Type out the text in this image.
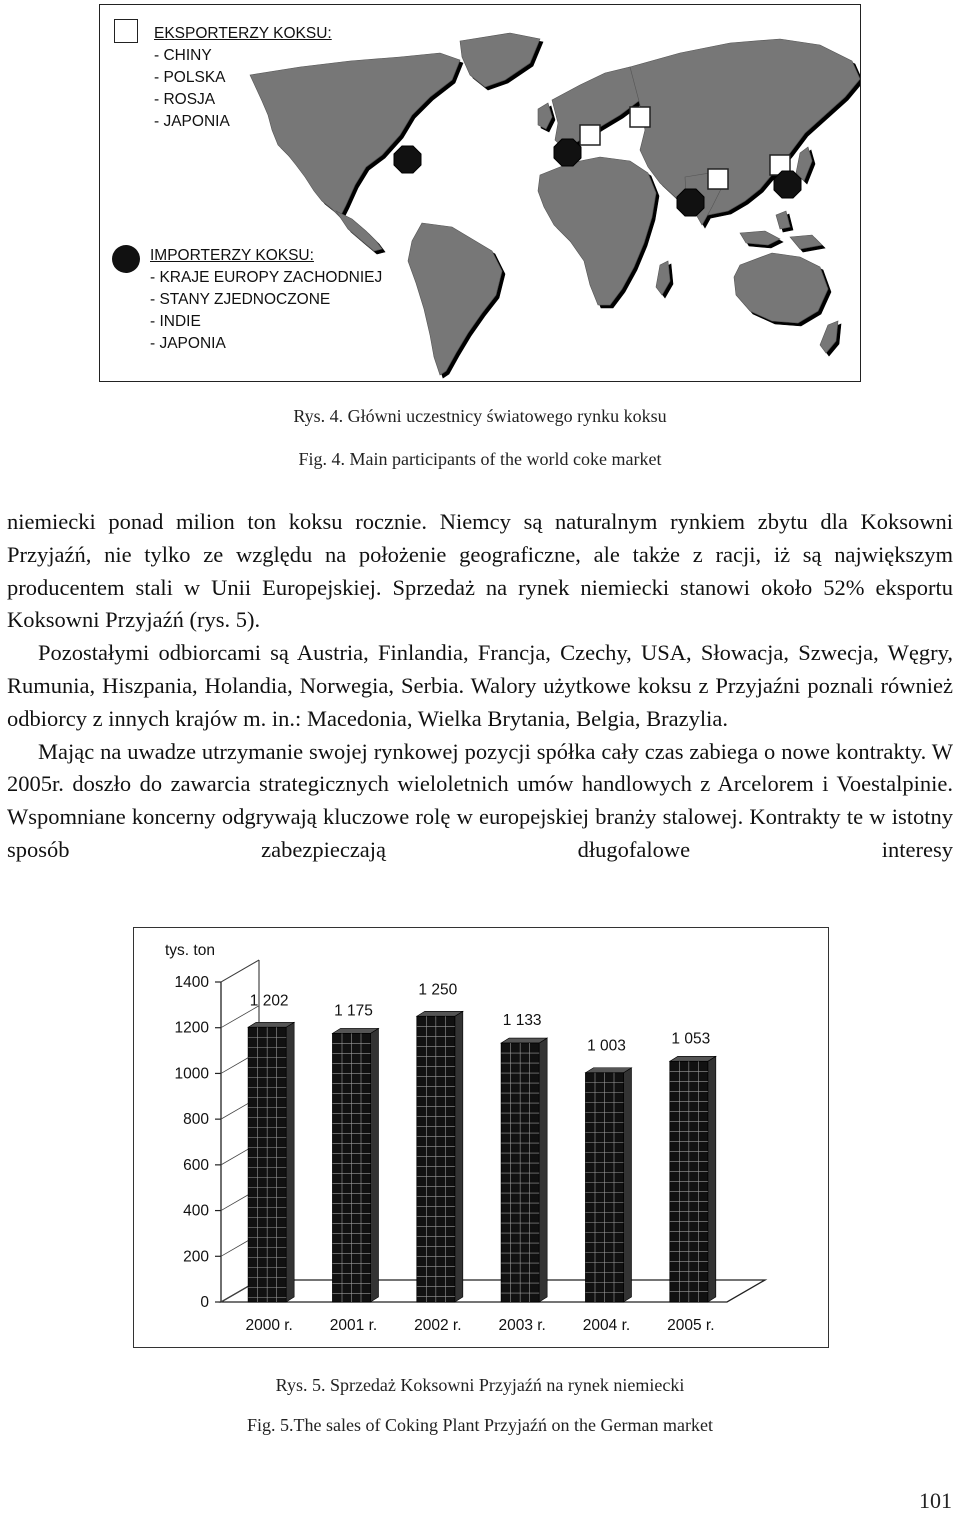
EKSPORTERZY KOKSU:
- CHINY
- POLSKA
- ROSJA
- JAPONIA
IMPORTERZY KOKSU:
- KRAJE EUROPY ZACHODNIEJ
- STANY ZJEDNOCZONE
- INDIE
- JAPONIA
Rys. 4. Główni uczestnicy światowego rynku koksu
Fig. 4. Main participants of the world coke market

niemiecki ponad milion ton koksu rocznie. Niemcy są naturalnym rynkiem zbytu dla Koksowni Przyjaźń, nie tylko ze względu na położenie geograficzne, ale także z racji, iż są największym producentem stali w Unii Europejskiej. Sprzedaż na rynek niemiecki stanowi około 52% eksportu Koksowni Przyjaźń (rys. 5).

Pozostałymi odbiorcami są Austria, Finlandia, Francja, Czechy, USA, Słowacja, Szwecja, Węgry, Rumunia, Hiszpania, Holandia, Norwegia, Serbia. Walory użytkowe koksu z Przyjaźni poznali również odbiorcy z innych krajów m. in.: Macedonia, Wielka Brytania, Belgia, Brazylia.

Mając na uwadze utrzymanie swojej rynkowej pozycji spółka cały czas zabiega o nowe kontrakty. W 2005r. doszło do zawarcia strategicznych wieloletnich umów handlowych z Arcelorem i Voestalpinie. Wspomniane koncerny odgrywają kluczowe rolę w europejskiej branży stalowej. Kontrakty te w istotny sposób zabezpieczają długofalowe interesy

tys. ton
0
200
400
600
800
1000
1200
1400
1 202
2000 r.
1 175
2001 r.
1 250
2002 r.
1 133
2003 r.
1 003
2004 r.
1 053
2005 r.
Rys. 5. Sprzedaż Koksowni Przyjaźń na rynek niemiecki
Fig. 5.The sales of Coking Plant Przyjaźń on the German market
101
